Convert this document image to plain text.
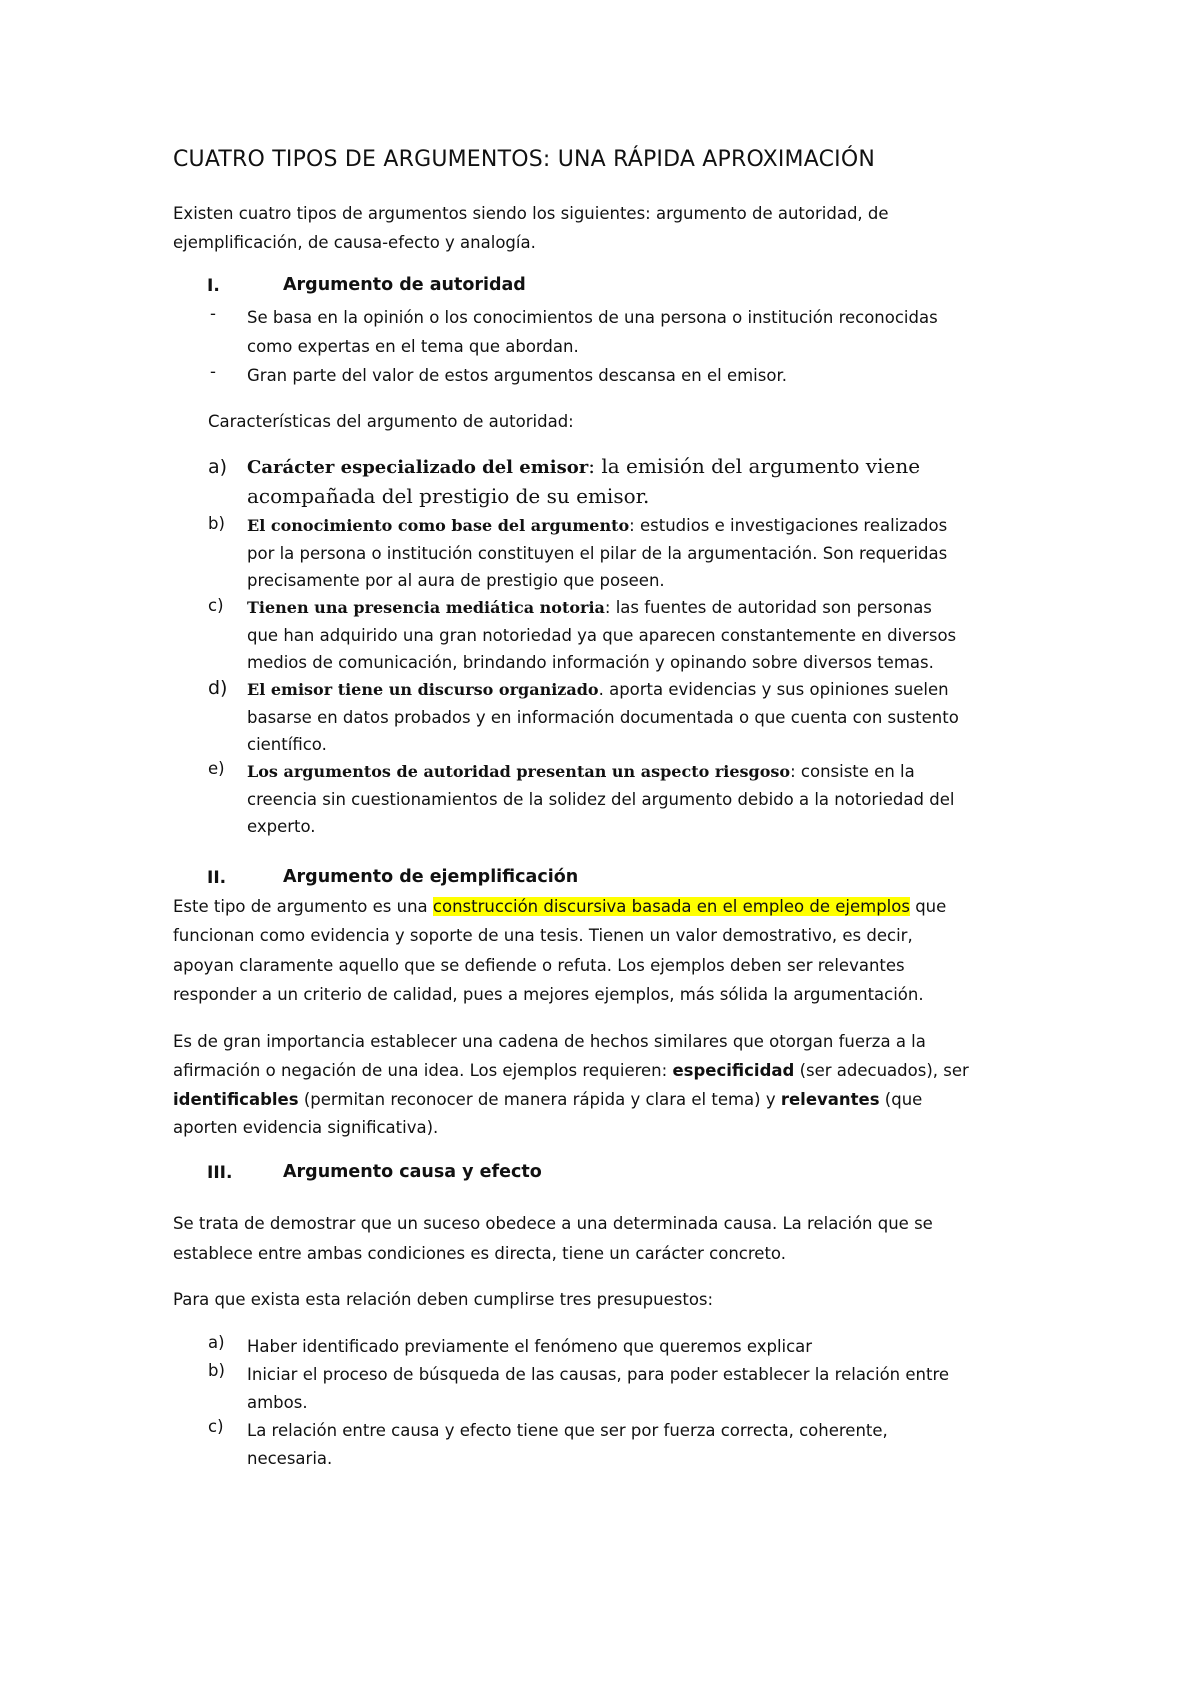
CUATRO TIPOS DE ARGUMENTOS: UNA RÁPIDA APROXIMACIÓN
Existen cuatro tipos de argumentos siendo los siguientes: argumento de autoridad, de
ejemplificación, de causa-efecto y analogía.
I.	Argumento de autoridad
- Se basa en la opinión o los conocimientos de una persona o institución reconocidas
como expertas en el tema que abordan.
- Gran parte del valor de estos argumentos descansa en el emisor.
Características del argumento de autoridad:
a) Carácter especializado del emisor: la emisión del argumento viene
acompañada del prestigio de su emisor.
b) El conocimiento como base del argumento: estudios e investigaciones realizados
por la persona o institución constituyen el pilar de la argumentación. Son requeridas
precisamente por al aura de prestigio que poseen.
c) Tienen una presencia mediática notoria: las fuentes de autoridad son personas
que han adquirido una gran notoriedad ya que aparecen constantemente en diversos
medios de comunicación, brindando información y opinando sobre diversos temas.
d) El emisor tiene un discurso organizado. aporta evidencias y sus opiniones suelen
basarse en datos probados y en información documentada o que cuenta con sustento
científico.
e) Los argumentos de autoridad presentan un aspecto riesgoso: consiste en la
creencia sin cuestionamientos de la solidez del argumento debido a la notoriedad del
experto.
II.	Argumento de ejemplificación
Este tipo de argumento es una construcción discursiva basada en el empleo de ejemplos que
funcionan como evidencia y soporte de una tesis. Tienen un valor demostrativo, es decir,
apoyan claramente aquello que se defiende o refuta. Los ejemplos deben ser relevantes
responder a un criterio de calidad, pues a mejores ejemplos, más sólida la argumentación.
Es de gran importancia establecer una cadena de hechos similares que otorgan fuerza a la
afirmación o negación de una idea. Los ejemplos requieren: especificidad (ser adecuados), ser
identificables (permitan reconocer de manera rápida y clara el tema) y relevantes (que
aporten evidencia significativa).
III.	Argumento causa y efecto
Se trata de demostrar que un suceso obedece a una determinada causa. La relación que se
establece entre ambas condiciones es directa, tiene un carácter concreto.
Para que exista esta relación deben cumplirse tres presupuestos:
a) Haber identificado previamente el fenómeno que queremos explicar
b) Iniciar el proceso de búsqueda de las causas, para poder establecer la relación entre
ambos.
c) La relación entre causa y efecto tiene que ser por fuerza correcta, coherente,
necesaria.
